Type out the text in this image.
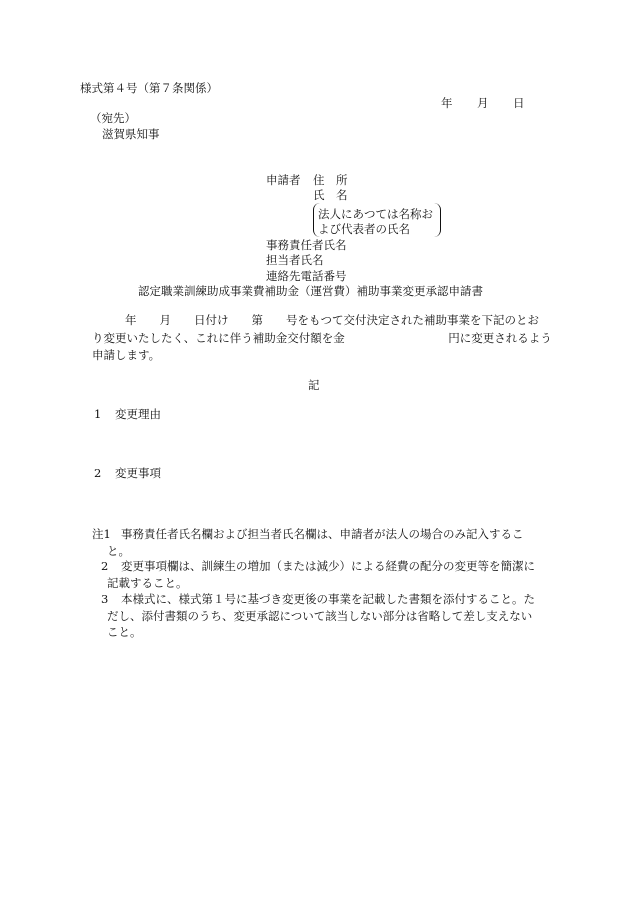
様式第４号（第７条関係）
年 月 日
（宛先）
滋賀県知事
申請者 住　所
氏　名
法人にあつては名称お
よび代表者の氏名
事務責任者氏名
担当者氏名
連絡先電話番号
認定職業訓練助成事業費補助金（運営費）補助事業変更承認申請書
年　　月　　日付け　　第　　号をもつて交付決定された補助事業を下記のとお
り変更いたしたく、これに伴う補助金交付額を金　　　　　　　　　円に変更されるよう
申請します。
記
1 変更理由
2 変更事項
注1 事務責任者氏名欄および担当者氏名欄は、申請者が法人の場合のみ記入するこ
と。
2 変更事項欄は、訓練生の増加（または減少）による経費の配分の変更等を簡潔に
記載すること。
3 本様式に、様式第１号に基づき変更後の事業を記載した書類を添付すること。た
だし、添付書類のうち、変更承認について該当しない部分は省略して差し支えない
こと。
